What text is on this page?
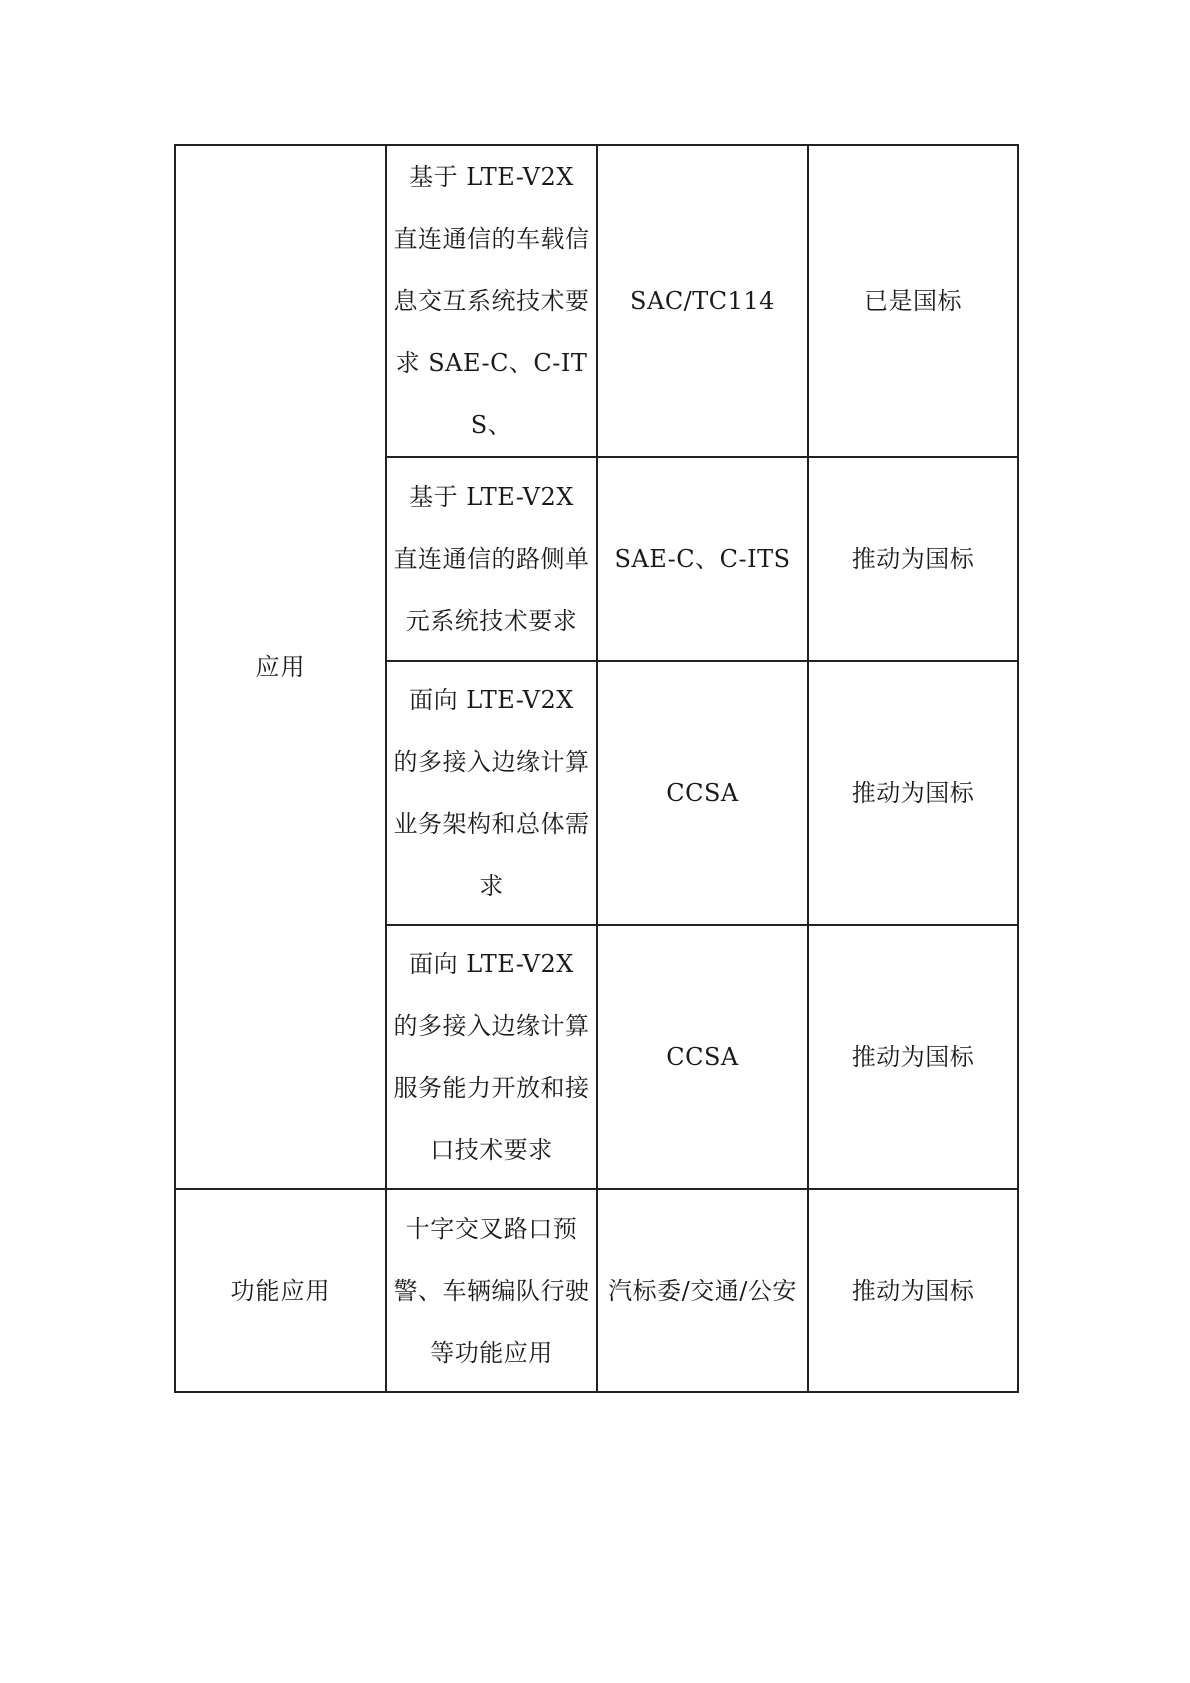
应用	基于 LTE-V2X 直连通信的车载信息交互系统技术要求 SAE-C、C-ITS、	SAC/TC114	已是国标
	基于 LTE-V2X 直连通信的路侧单元系统技术要求	SAE-C、C-ITS	推动为国标
	面向 LTE-V2X 的多接入边缘计算业务架构和总体需求	CCSA	推动为国标
	面向 LTE-V2X 的多接入边缘计算服务能力开放和接口技术要求	CCSA	推动为国标
功能应用	十字交叉路口预警、车辆编队行驶等功能应用	汽标委/交通/公安	推动为国标
